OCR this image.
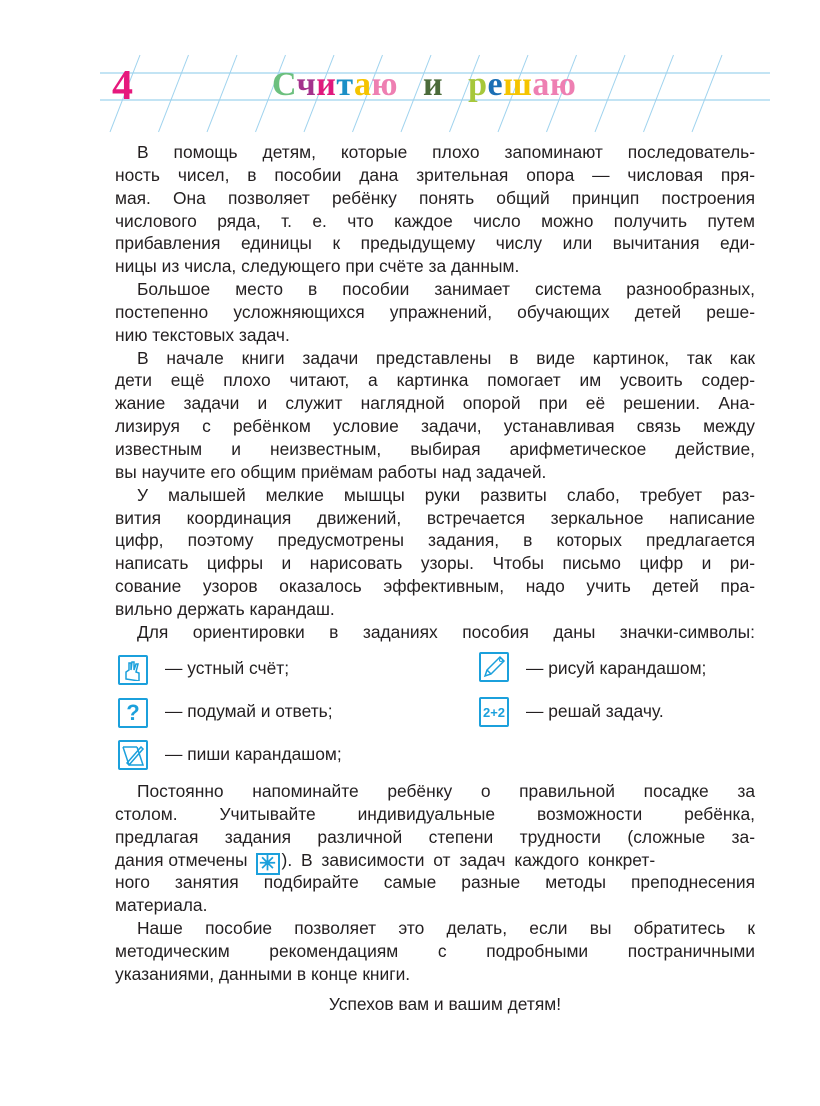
4	Считаю и решаю
В помощь детям, которые плохо запоминают последователь-
ность чисел, в пособии дана зрительная опора — числовая пря-
мая. Она позволяет ребёнку понять общий принцип построения
числового ряда, т. е. что каждое число можно получить путем
прибавления единицы к предыдущему числу или вычитания еди-
ницы из числа, следующего при счёте за данным.
Большое место в пособии занимает система разнообразных,
постепенно усложняющихся упражнений, обучающих детей реше-
нию текстовых задач.
В начале книги задачи представлены в виде картинок, так как
дети ещё плохо читают, а картинка помогает им усвоить содер-
жание задачи и служит наглядной опорой при её решении. Ана-
лизируя с ребёнком условие задачи, устанавливая связь между
известным и неизвестным, выбирая арифметическое действие,
вы научите его общим приёмам работы над задачей.
У малышей мелкие мышцы руки развиты слабо, требует раз-
вития координация движений, встречается зеркальное написание
цифр, поэтому предусмотрены задания, в которых предлагается
написать цифры и нарисовать узоры. Чтобы письмо цифр и ри-
сование узоров оказалось эффективным, надо учить детей пра-
вильно держать карандаш.
Для ориентировки в заданиях пособия даны значки-символы:
— устный счёт;
?	— подумай и ответь;
— пиши карандашом;
— рисуй карандашом;
2+2 — решай задачу.
Постоянно напоминайте ребёнку о правильной посадке за
столом. Учитывайте индивидуальные возможности ребёнка,
предлагая задания различной степени трудности (сложные за-
дания отмечены ✳ ). В зависимости от задач каждого конкрет-
ного занятия подбирайте самые разные методы преподнесения
материала.
Наше пособие позволяет это делать, если вы обратитесь к
методическим рекомендациям с подробными постраничными
указаниями, данными в конце книги.
Успехов вам и вашим детям!
